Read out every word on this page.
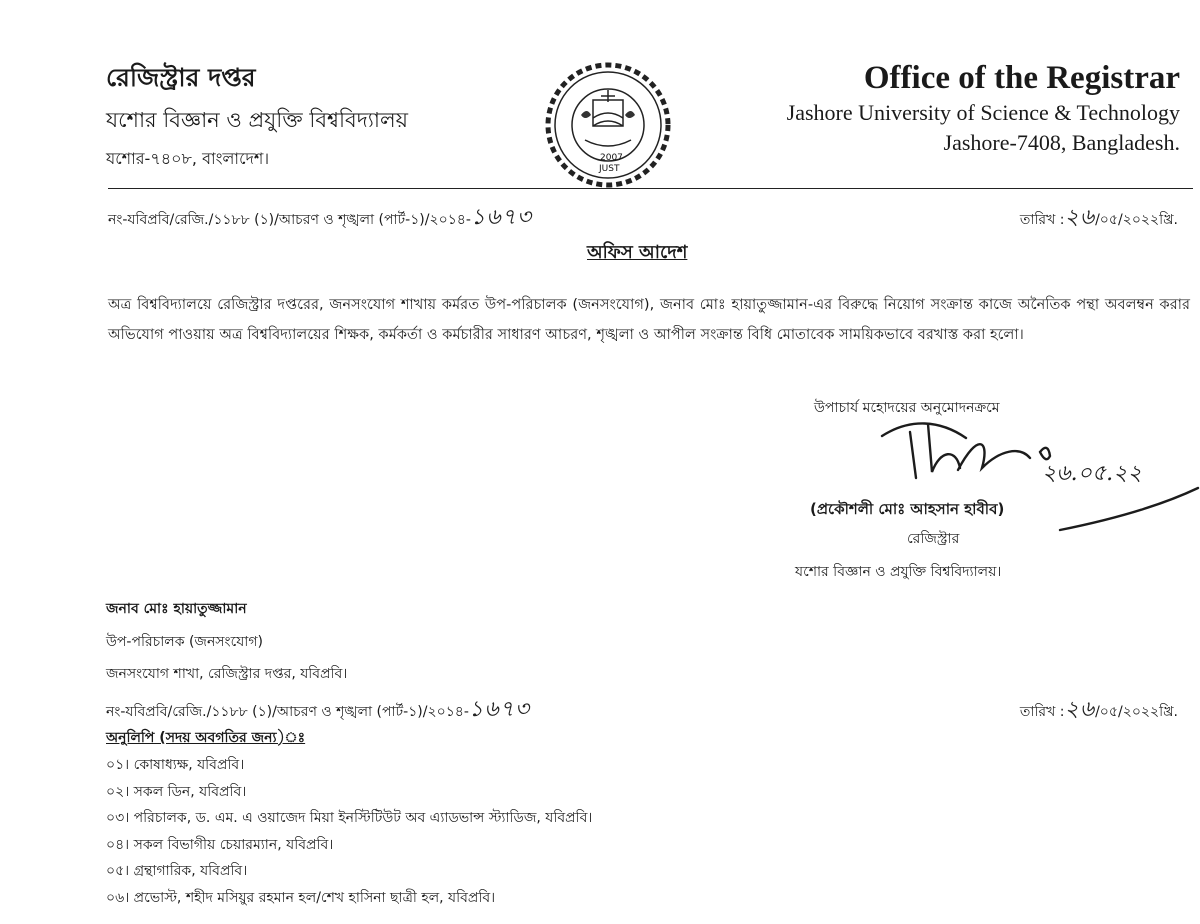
রেজিস্ট্রার দপ্তর
যশোর বিজ্ঞান ও প্রযুক্তি বিশ্ববিদ্যালয়
যশোর-৭৪০৮, বাংলাদেশ।	2007
JUST
Office of the Registrar
Jashore University of Science & Technology
Jashore-7408, Bangladesh.
নং-যবিপ্রবি/রেজি./১১৮৮ (১)/আচরণ ও শৃঙ্খলা (পার্ট-১)/২০১৪-১৬৭৩	তারিখ :২৬/০৫/২০২২খ্রি.
অফিস আদেশ
অত্র বিশ্ববিদ্যালয়ে রেজিস্ট্রার দপ্তরের, জনসংযোগ শাখায় কর্মরত উপ-পরিচালক (জনসংযোগ), জনাব মোঃ হায়াতুজ্জামান-এর বিরুদ্ধে নিয়োগ সংক্রান্ত কাজে অনৈতিক পন্থা অবলম্বন করার অভিযোগ পাওয়ায় অত্র বিশ্ববিদ্যালয়ের শিক্ষক, কর্মকর্তা ও কর্মচারীর সাধারণ আচরণ, শৃঙ্খলা ও আপীল সংক্রান্ত বিধি মোতাবেক সাময়িকভাবে বরখাস্ত করা হলো।
উপাচার্য মহোদয়ের অনুমোদনক্রমে
২৬.০৫.২২
(প্রকৌশলী মোঃ আহসান হাবীব)
রেজিস্ট্রার
যশোর বিজ্ঞান ও প্রযুক্তি বিশ্ববিদ্যালয়।
জনাব মোঃ হায়াতুজ্জামান
উপ-পরিচালক (জনসংযোগ)
জনসংযোগ শাখা, রেজিস্ট্রার দপ্তর, যবিপ্রবি।
নং-যবিপ্রবি/রেজি./১১৮৮ (১)/আচরণ ও শৃঙ্খলা (পার্ট-১)/২০১৪-১৬৭৩	তারিখ :২৬/০৫/২০২২খ্রি.
অনুলিপি (সদয় অবগতির জন্য)ঃ
০১। কোষাধ্যক্ষ, যবিপ্রবি।
০২। সকল ডিন, যবিপ্রবি।
০৩। পরিচালক, ড. এম. এ ওয়াজেদ মিয়া ইনস্টিটিউট অব এ্যাডভান্স স্ট্যাডিজ, যবিপ্রবি।
০৪। সকল বিভাগীয় চেয়ারম্যান, যবিপ্রবি।
০৫। গ্রন্থাগারিক, যবিপ্রবি।
০৬। প্রভোস্ট, শহীদ মসিয়ুর রহমান হল/শেখ হাসিনা ছাত্রী হল, যবিপ্রবি।
